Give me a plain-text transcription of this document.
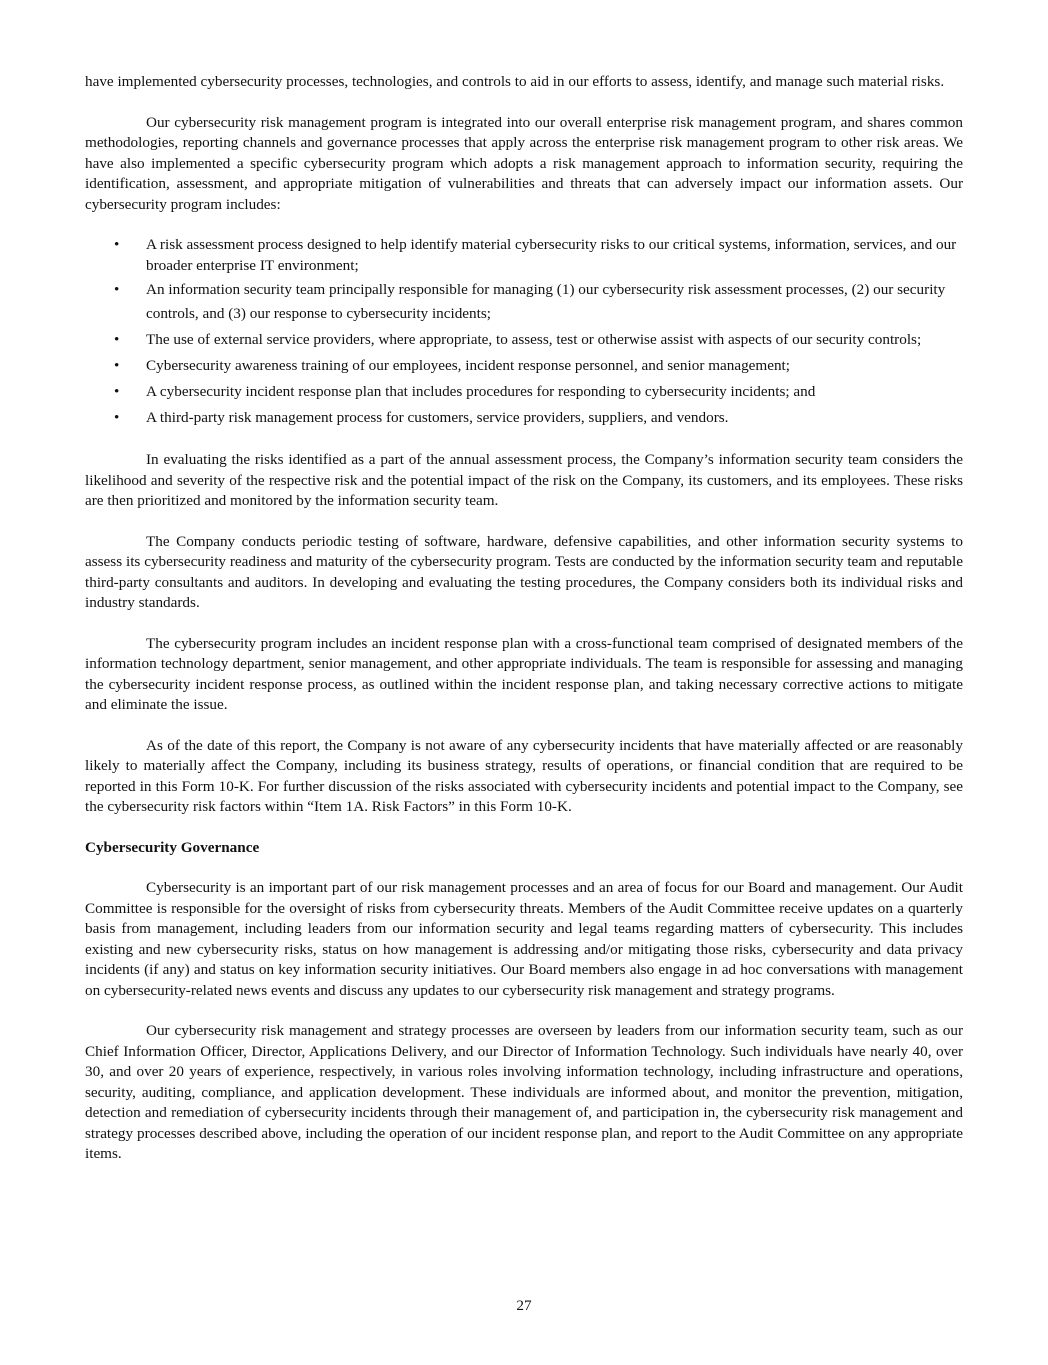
have implemented cybersecurity processes, technologies, and controls to aid in our efforts to assess, identify, and manage such material risks.

Our cybersecurity risk management program is integrated into our overall enterprise risk management program, and shares common methodologies, reporting channels and governance processes that apply across the enterprise risk management program to other risk areas. We have also implemented a specific cybersecurity program which adopts a risk management approach to information security, requiring the identification, assessment, and appropriate mitigation of vulnerabilities and threats that can adversely impact our information assets. Our cybersecurity program includes:

• A risk assessment process designed to help identify material cybersecurity risks to our critical systems, information, services, and our broader enterprise IT environment;
• An information security team principally responsible for managing (1) our cybersecurity risk assessment processes, (2) our security controls, and (3) our response to cybersecurity incidents;
• The use of external service providers, where appropriate, to assess, test or otherwise assist with aspects of our security controls;
• Cybersecurity awareness training of our employees, incident response personnel, and senior management;
• A cybersecurity incident response plan that includes procedures for responding to cybersecurity incidents; and
• A third-party risk management process for customers, service providers, suppliers, and vendors.

In evaluating the risks identified as a part of the annual assessment process, the Company’s information security team considers the likelihood and severity of the respective risk and the potential impact of the risk on the Company, its customers, and its employees. These risks are then prioritized and monitored by the information security team.

The Company conducts periodic testing of software, hardware, defensive capabilities, and other information security systems to assess its cybersecurity readiness and maturity of the cybersecurity program. Tests are conducted by the information security team and reputable third-party consultants and auditors. In developing and evaluating the testing procedures, the Company considers both its individual risks and industry standards.

The cybersecurity program includes an incident response plan with a cross-functional team comprised of designated members of the information technology department, senior management, and other appropriate individuals. The team is responsible for assessing and managing the cybersecurity incident response process, as outlined within the incident response plan, and taking necessary corrective actions to mitigate and eliminate the issue.

As of the date of this report, the Company is not aware of any cybersecurity incidents that have materially affected or are reasonably likely to materially affect the Company, including its business strategy, results of operations, or financial condition that are required to be reported in this Form 10-K. For further discussion of the risks associated with cybersecurity incidents and potential impact to the Company, see the cybersecurity risk factors within “Item 1A. Risk Factors” in this Form 10-K.

Cybersecurity Governance

Cybersecurity is an important part of our risk management processes and an area of focus for our Board and management. Our Audit Committee is responsible for the oversight of risks from cybersecurity threats. Members of the Audit Committee receive updates on a quarterly basis from management, including leaders from our information security and legal teams regarding matters of cybersecurity. This includes existing and new cybersecurity risks, status on how management is addressing and/or mitigating those risks, cybersecurity and data privacy incidents (if any) and status on key information security initiatives. Our Board members also engage in ad hoc conversations with management on cybersecurity-related news events and discuss any updates to our cybersecurity risk management and strategy programs.

Our cybersecurity risk management and strategy processes are overseen by leaders from our information security team, such as our Chief Information Officer, Director, Applications Delivery, and our Director of Information Technology. Such individuals have nearly 40, over 30, and over 20 years of experience, respectively, in various roles involving information technology, including infrastructure and operations, security, auditing, compliance, and application development. These individuals are informed about, and monitor the prevention, mitigation, detection and remediation of cybersecurity incidents through their management of, and participation in, the cybersecurity risk management and strategy processes described above, including the operation of our incident response plan, and report to the Audit Committee on any appropriate items.

27
